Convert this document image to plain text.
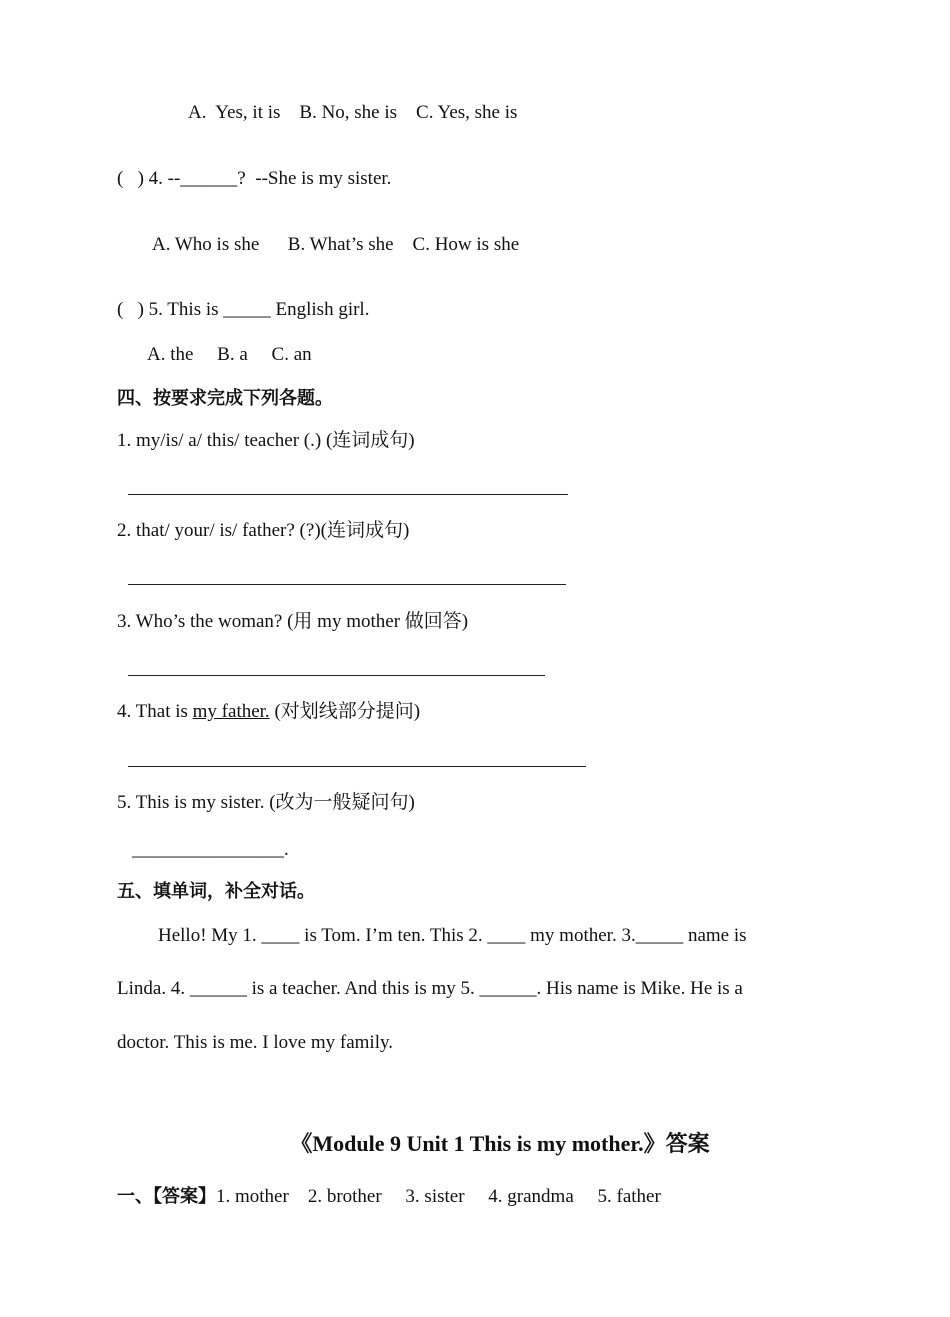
A.  Yes, it is    B. No, she is    C. Yes, she is
(   ) 4. --______?  --She is my sister.
A. Who is she      B. What’s she    C. How is she
(   ) 5. This is _____ English girl.
A. the     B. a     C. an
四、按要求完成下列各题。
1. my/is/ a/ this/ teacher (.) (连词成句)
2. that/ your/ is/ father? (?)(连词成句)
3. Who’s the woman? (用 my mother 做回答)
4. That is my father. (对划线部分提问)
5. This is my sister. (改为一般疑问句)
________________.
五、填单词，补全对话。
Hello! My 1. ____ is Tom. I’m ten. This 2. ____ my mother. 3._____ name is
Linda. 4. ______ is a teacher. And this is my 5. ______. His name is Mike. He is a
doctor. This is me. I love my family.
《Module 9 Unit 1 This is my mother.》答案
一、【答案】1. mother    2. brother     3. sister     4. grandma     5. father
